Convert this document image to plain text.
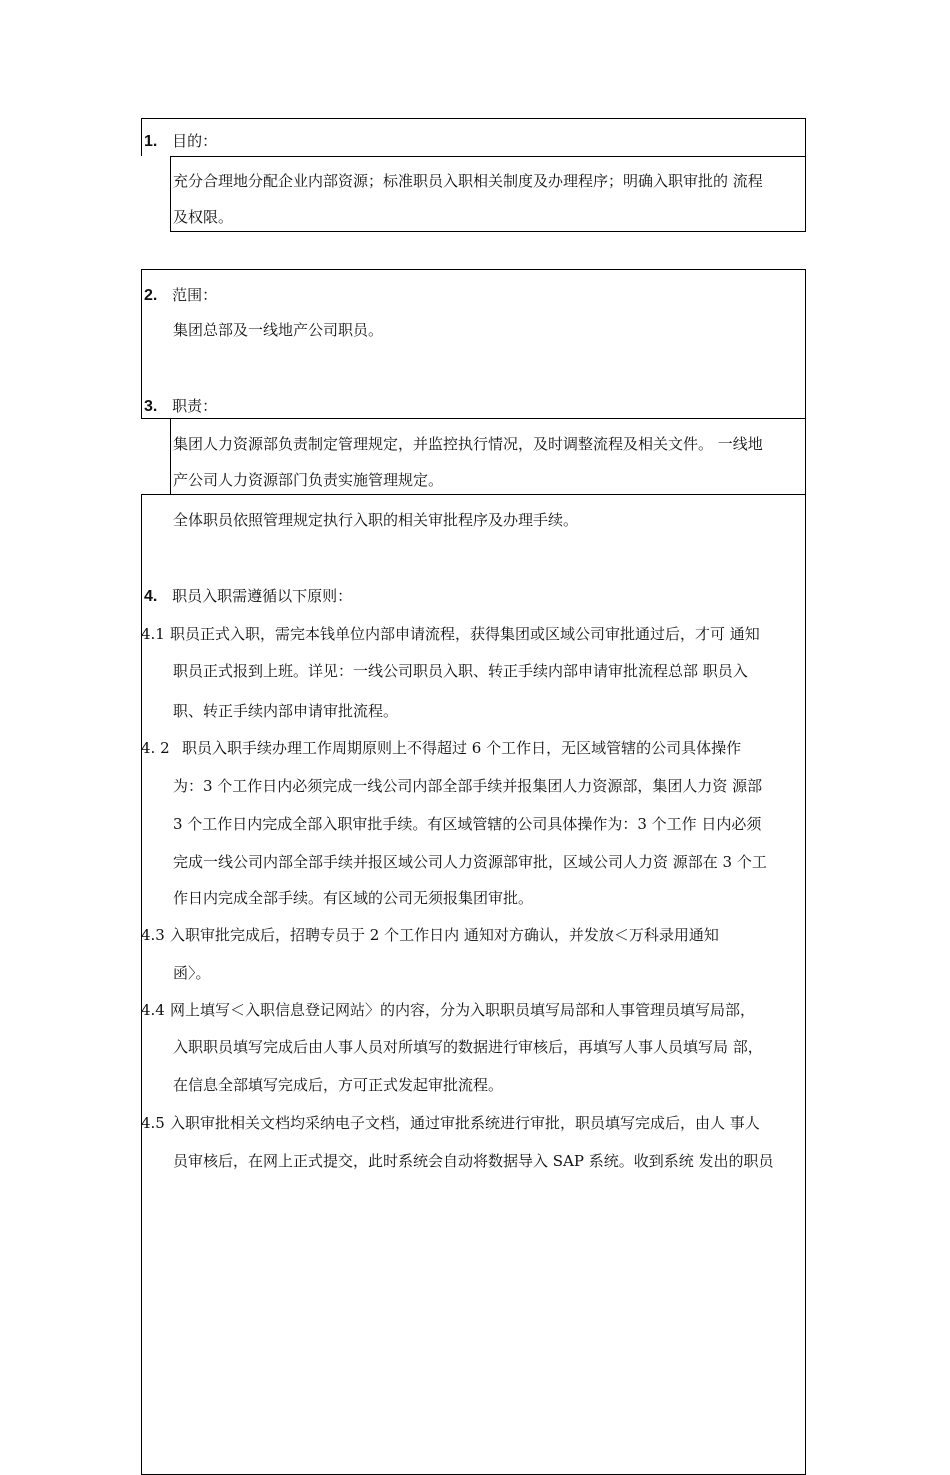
1. 目的：
充分合理地分配企业内部资源；标准职员入职相关制度及办理程序；明确入职审批的 流程
及权限。
2. 范围：
集团总部及一线地产公司职员。
3. 职责：
集团人力资源部负责制定管理规定，并监控执行情况，及时调整流程及相关文件。 一线地
产公司人力资源部门负责实施管理规定。
全体职员依照管理规定执行入职的相关审批程序及办理手续。
4. 职员入职需遵循以下原则：
4.1 职员正式入职，需完本钱单位内部申请流程，获得集团或区域公司审批通过后，才可 通知
职员正式报到上班。详见：一线公司职员入职、转正手续内部申请审批流程总部 职员入
职、转正手续内部申请审批流程。
4. 2 职员入职手续办理工作周期原则上不得超过 6 个工作日，无区域管辖的公司具体操作
为：3 个工作日内必须完成一线公司内部全部手续并报集团人力资源部，集团人力资 源部
3 个工作日内完成全部入职审批手续。有区域管辖的公司具体操作为：3 个工作 日内必须
完成一线公司内部全部手续并报区域公司人力资源部审批，区域公司人力资 源部在 3 个工
作日内完成全部手续。有区域的公司无须报集团审批。
4.3 入职审批完成后，招聘专员于 2 个工作日内 通知对方确认，并发放＜万科录用通知
函〉。
4.4 网上填写＜入职信息登记网站〉的内容，分为入职职员填写局部和人事管理员填写局部，
入职职员填写完成后由人事人员对所填写的数据进行审核后，再填写人事人员填写局 部，
在信息全部填写完成后，方可正式发起审批流程。
4.5 入职审批相关文档均采纳电子文档，通过审批系统进行审批，职员填写完成后，由人 事人
员审核后，在网上正式提交，此时系统会自动将数据导入 SAP 系统。收到系统 发出的职员
